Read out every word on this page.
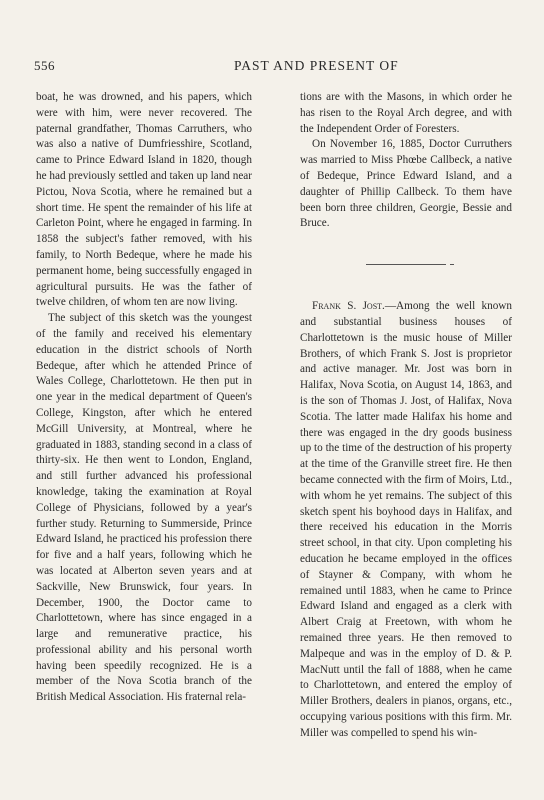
556	PAST AND PRESENT OF

boat, he was drowned, and his papers, which were with him, were never recovered. The paternal grandfather, Thomas Carruthers, who was also a native of Dumfriesshire, Scotland, came to Prince Edward Island in 1820, though he had previously settled and taken up land near Pictou, Nova Scotia, where he remained but a short time. He spent the remainder of his life at Carleton Point, where he engaged in farming. In 1858 the subject's father removed, with his family, to North Bedeque, where he made his permanent home, being successfully engaged in agricultural pursuits. He was the father of twelve children, of whom ten are now living.

The subject of this sketch was the youngest of the family and received his elementary education in the district schools of North Bedeque, after which he attended Prince of Wales College, Charlottetown. He then put in one year in the medical department of Queen's College, Kingston, after which he entered McGill University, at Montreal, where he graduated in 1883, standing second in a class of thirty-six. He then went to London, England, and still further advanced his professional knowledge, taking the examination at Royal College of Physicians, followed by a year's further study. Returning to Summerside, Prince Edward Island, he practiced his profession there for five and a half years, following which he was located at Alberton seven years and at Sackville, New Brunswick, four years. In December, 1900, the Doctor came to Charlottetown, where has since engaged in a large and remunerative practice, his professional ability and his personal worth having been speedily recognized. He is a member of the Nova Scotia branch of the British Medical Association. His fraternal rela-

tions are with the Masons, in which order he has risen to the Royal Arch degree, and with the Independent Order of Foresters.

On November 16, 1885, Doctor Curruthers was married to Miss Phœbe Callbeck, a native of Bedeque, Prince Edward Island, and a daughter of Phillip Callbeck. To them have been born three children, Georgie, Bessie and Bruce.

Frank S. Jost.—Among the well known and substantial business houses of Charlottetown is the music house of Miller Brothers, of which Frank S. Jost is proprietor and active manager. Mr. Jost was born in Halifax, Nova Scotia, on August 14, 1863, and is the son of Thomas J. Jost, of Halifax, Nova Scotia. The latter made Halifax his home and there was engaged in the dry goods business up to the time of the destruction of his property at the time of the Granville street fire. He then became connected with the firm of Moirs, Ltd., with whom he yet remains. The subject of this sketch spent his boyhood days in Halifax, and there received his education in the Morris street school, in that city. Upon completing his education he became employed in the offices of Stayner & Company, with whom he remained until 1883, when he came to Prince Edward Island and engaged as a clerk with Albert Craig at Freetown, with whom he remained three years. He then removed to Malpeque and was in the employ of D. & P. MacNutt until the fall of 1888, when he came to Charlottetown, and entered the employ of Miller Brothers, dealers in pianos, organs, etc., occupying various positions with this firm. Mr. Miller was compelled to spend his win-
